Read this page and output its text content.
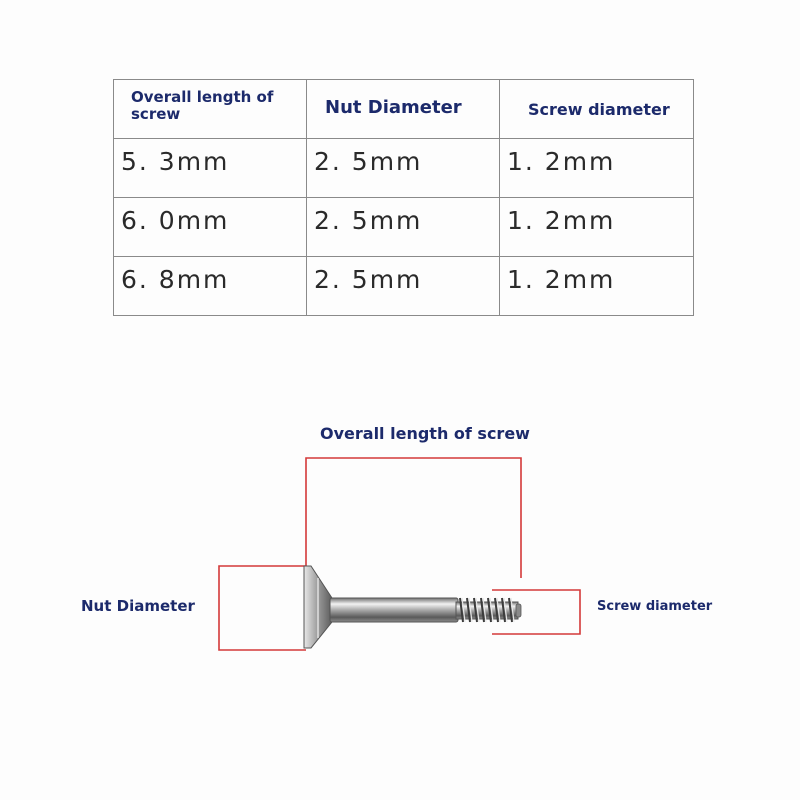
Overall length of screw	Nut Diameter	Screw diameter
5. 3mm	2. 5mm	1. 2mm
6. 0mm	2. 5mm	1. 2mm
6. 8mm	2. 5mm	1. 2mm
Overall length of screw
Nut Diameter	Screw diameter
